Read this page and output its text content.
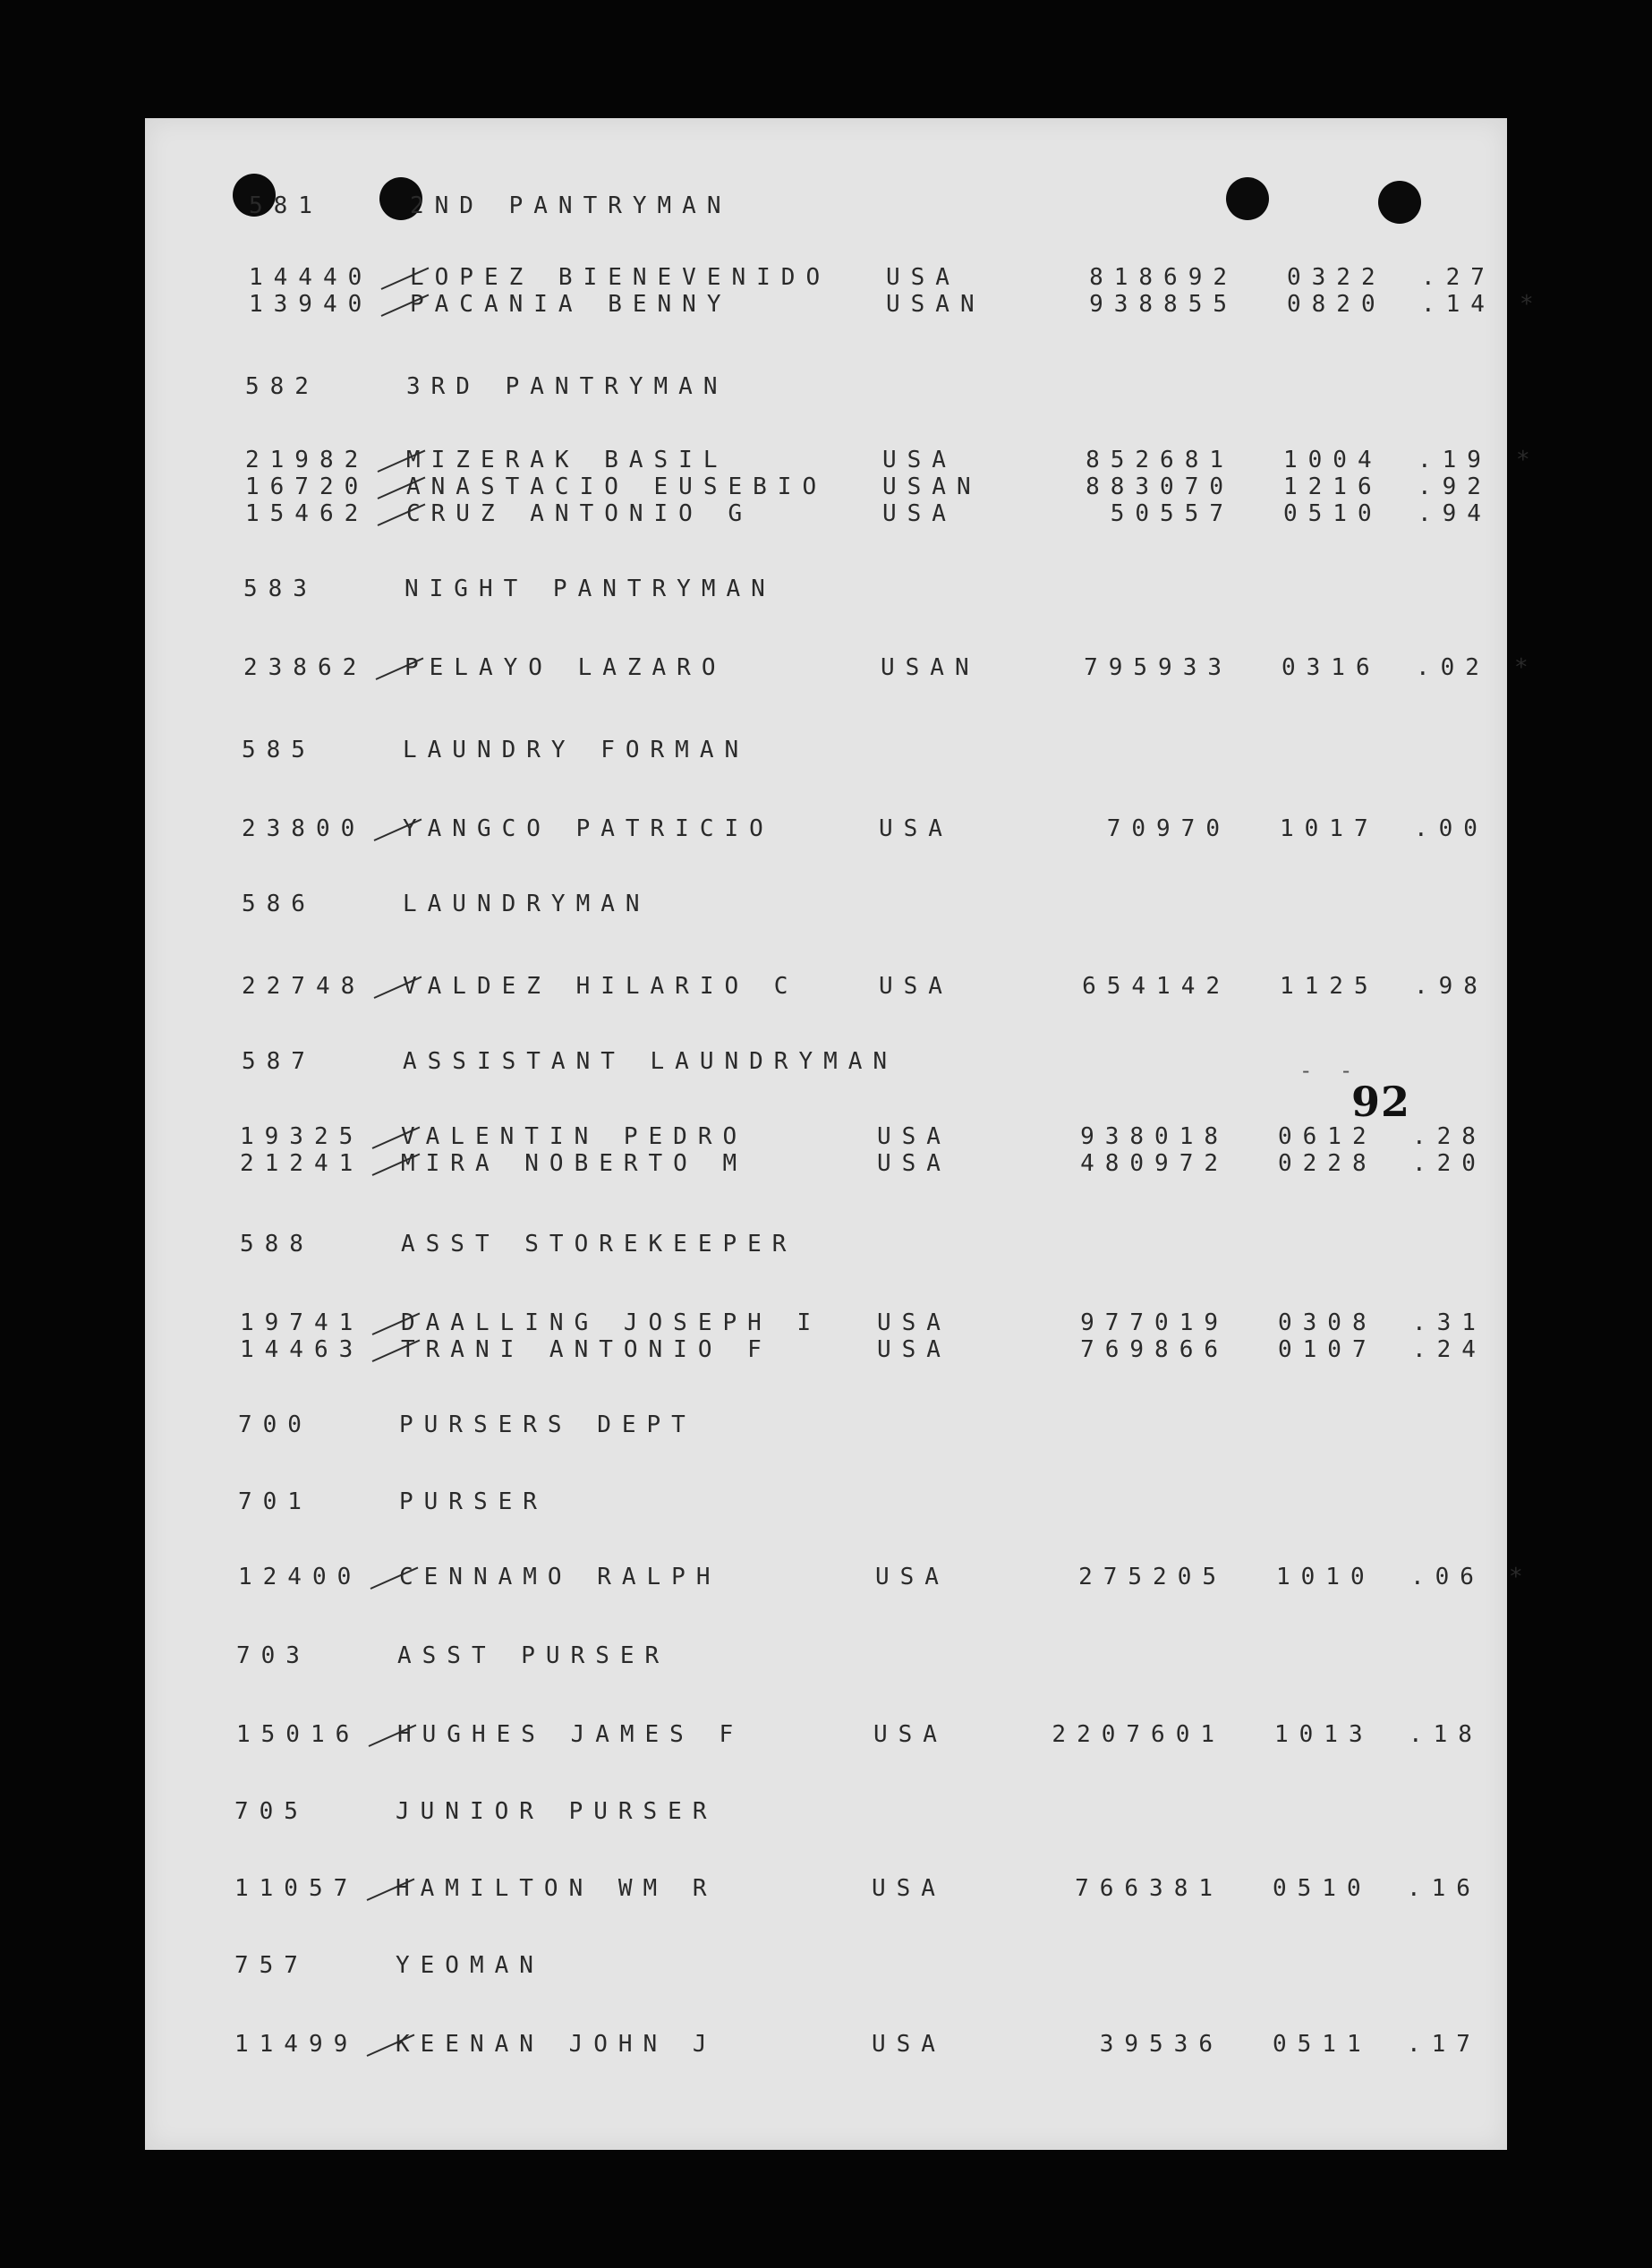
- -
92
581	2ND PANTRYMAN
14440 LOPEZ BIENEVENIDO USA	818692 0322 .27
13940 PACANIA BENNY	USAN	938855 0820 .14 *
582	3RD PANTRYMAN
21982 MIZERAK BASIL	USA	852681 1004 .19 *
16720 ANASTACIO EUSEBIO USAN	883070 1216 .92
15462 CRUZ ANTONIO G	USA	50557 0510 .94
583	NIGHT PANTRYMAN
23862 PELAYO LAZARO	USAN	795933 0316 .02 *
585	LAUNDRY FORMAN
23800 YANGCO PATRICIO	USA	70970 1017 .00
586	LAUNDRYMAN
22748 VALDEZ HILARIO C	USA	654142 1125 .98
587	ASSISTANT LAUNDRYMAN
19325 VALENTIN PEDRO	USA	938018 0612 .28
21241 MIRA NOBERTO M	USA	480972 0228 .20
588	ASST STOREKEEPER
19741 DAALLING JOSEPH I USA	977019 0308 .31
14463 TRANI ANTONIO F	USA	769866 0107 .24
700	PURSERS DEPT
701	PURSER
12400 CENNAMO RALPH	USA	275205 1010 .06 *
703	ASST PURSER
15016 HUGHES JAMES F	USA	2207601 1013 .18
705	JUNIOR PURSER
11057 HAMILTON WM R	USA	766381 0510 .16
757	YEOMAN
11499 KEENAN JOHN J	USA	39536 0511 .17
